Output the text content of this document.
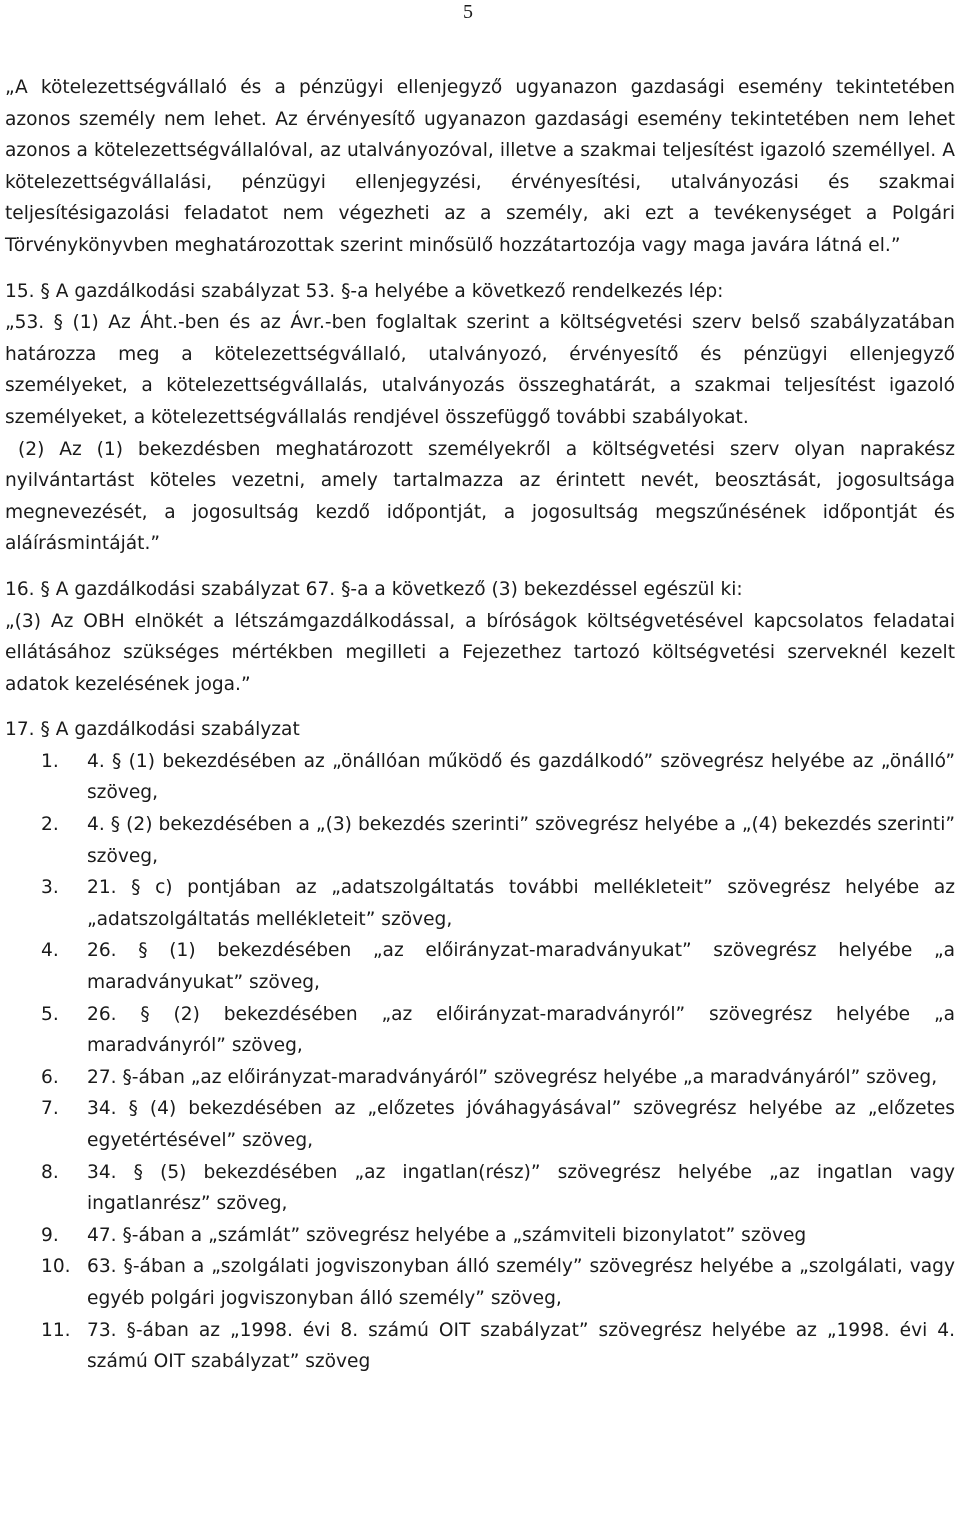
5

„A kötelezettségvállaló és a pénzügyi ellenjegyző ugyanazon gazdasági esemény tekintetében azonos személy nem lehet. Az érvényesítő ugyanazon gazdasági esemény tekintetében nem lehet azonos a kötelezettségvállalóval, az utalványozóval, illetve a szakmai teljesítést igazoló személlyel. A kötelezettségvállalási, pénzügyi ellenjegyzési, érvényesítési, utalványozási és szakmai teljesítésigazolási feladatot nem végezheti az a személy, aki ezt a tevékenységet a Polgári Törvénykönyvben meghatározottak szerint minősülő hozzátartozója vagy maga javára látná el.”

15. § A gazdálkodási szabályzat 53. §-a helyébe a következő rendelkezés lép:

„53. § (1) Az Áht.-ben és az Ávr.-ben foglaltak szerint a költségvetési szerv belső szabályzatában határozza meg a kötelezettségvállaló, utalványozó, érvényesítő és pénzügyi ellenjegyző személyeket, a kötelezettségvállalás, utalványozás összeghatárát, a szakmai teljesítést igazoló személyeket, a kötelezettségvállalás rendjével összefüggő további szabályokat.

(2) Az (1) bekezdésben meghatározott személyekről a költségvetési szerv olyan naprakész nyilvántartást köteles vezetni, amely tartalmazza az érintett nevét, beosztását, jogosultsága megnevezését, a jogosultság kezdő időpontját, a jogosultság megszűnésének időpontját és aláírásmintáját.”

16. § A gazdálkodási szabályzat 67. §-a a következő (3) bekezdéssel egészül ki:

„(3) Az OBH elnökét a létszámgazdálkodással, a bíróságok költségvetésével kapcsolatos feladatai ellátásához szükséges mértékben megilleti a Fejezethez tartozó költségvetési szerveknél kezelt adatok kezelésének joga.”

17. § A gazdálkodási szabályzat

1.	4. § (1) bekezdésében az „önállóan működő és gazdálkodó” szövegrész helyébe az „önálló” szöveg,
2.	4. § (2) bekezdésében a „(3) bekezdés szerinti” szövegrész helyébe a „(4) bekezdés szerinti” szöveg,
3.	21. § c) pontjában az „adatszolgáltatás további mellékleteit” szövegrész helyébe az „adatszolgáltatás mellékleteit” szöveg,
4.	26. § (1) bekezdésében „az előirányzat-maradványukat” szövegrész helyébe „a maradványukat” szöveg,
5.	26. § (2) bekezdésében „az előirányzat-maradványról” szövegrész helyébe „a maradványról” szöveg,
6.	27. §-ában „az előirányzat-maradványáról” szövegrész helyébe „a maradványáról” szöveg,
7.	34. § (4) bekezdésében az „előzetes jóváhagyásával” szövegrész helyébe az „előzetes egyetértésével” szöveg,
8.	34. § (5) bekezdésében „az ingatlan(rész)” szövegrész helyébe „az ingatlan vagy ingatlanrész” szöveg,
9.	47. §-ában a „számlát” szövegrész helyébe a „számviteli bizonylatot” szöveg
10. 63. §-ában a „szolgálati jogviszonyban álló személy” szövegrész helyébe a „szolgálati, vagy egyéb polgári jogviszonyban álló személy” szöveg,
11. 73. §-ában az „1998. évi 8. számú OIT szabályzat” szövegrész helyébe az „1998. évi 4. számú OIT szabályzat” szöveg
